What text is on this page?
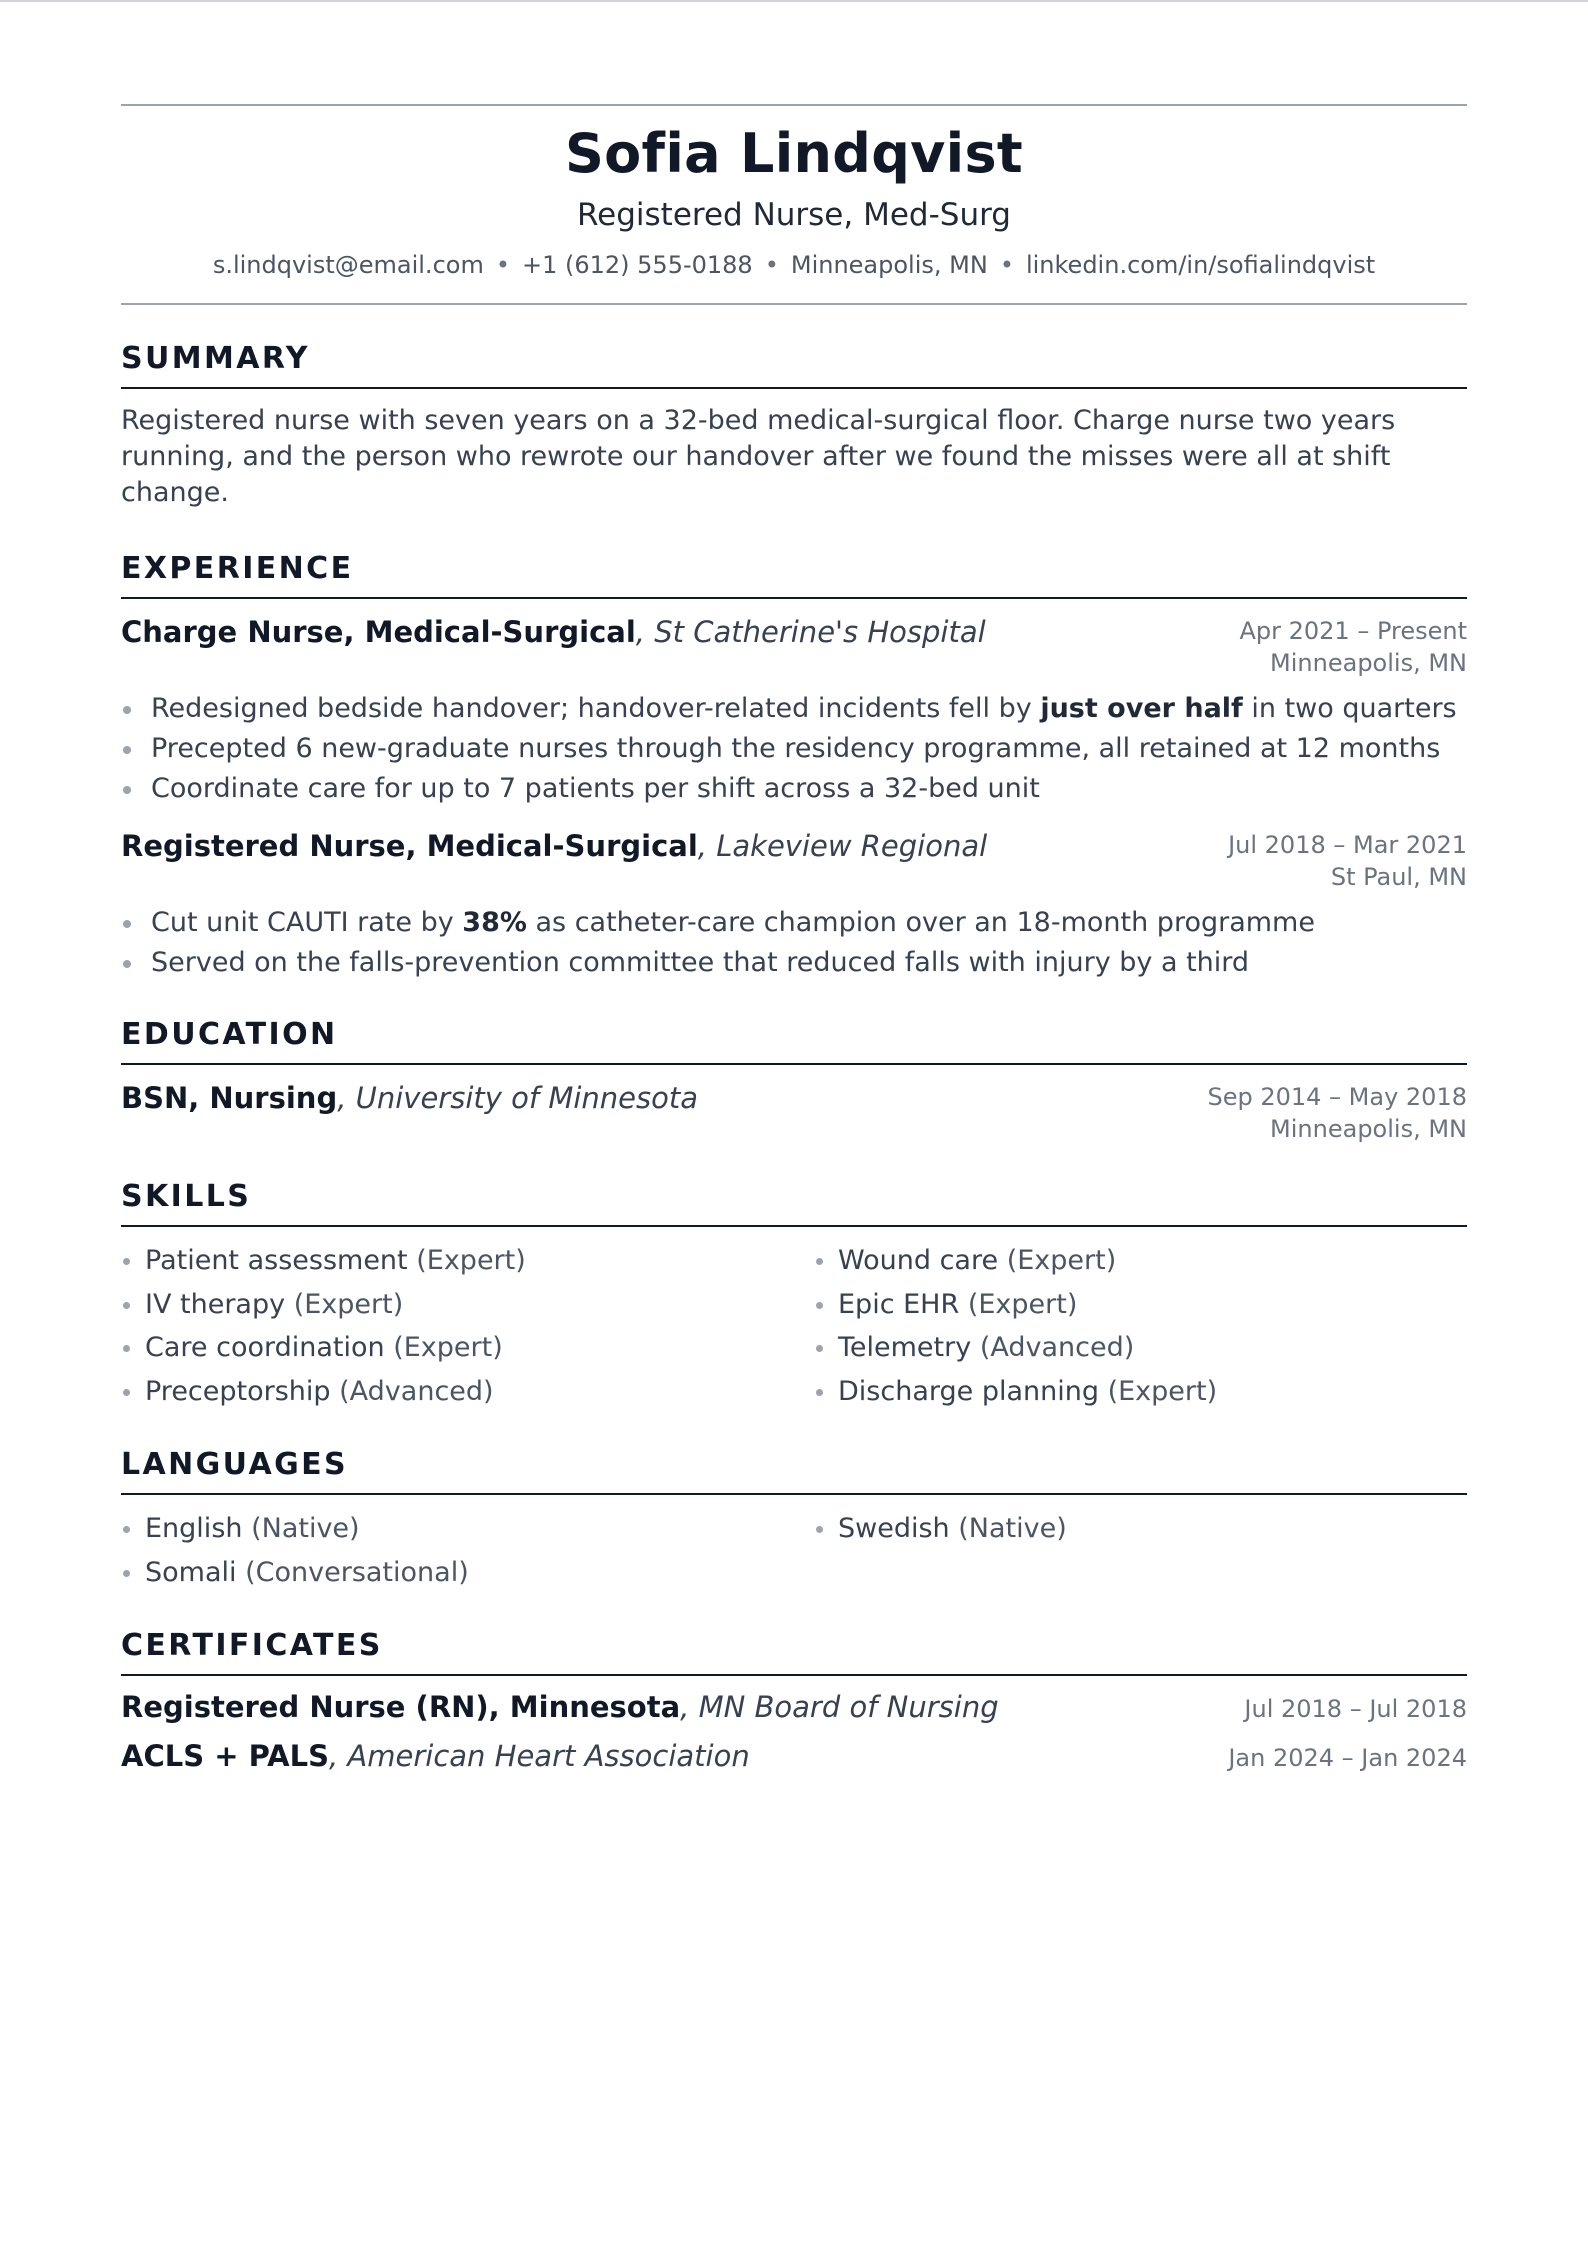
Sofia Lindqvist
Registered Nurse, Med-Surg
s.lindqvist@email.com • +1 (612) 555-0188 • Minneapolis, MN • linkedin.com/in/sofialindqvist
SUMMARY
Registered nurse with seven years on a 32-bed medical-surgical floor. Charge nurse two years running, and the person who rewrote our handover after we found the misses were all at shift change.
EXPERIENCE
Charge Nurse, Medical-Surgical, St Catherine's Hospital	Apr 2021 – Present
Minneapolis, MN
Redesigned bedside handover; handover-related incidents fell by just over half in two quarters
Precepted 6 new-graduate nurses through the residency programme, all retained at 12 months
Coordinate care for up to 7 patients per shift across a 32-bed unit
Registered Nurse, Medical-Surgical, Lakeview Regional	Jul 2018 – Mar 2021
St Paul, MN
Cut unit CAUTI rate by 38% as catheter-care champion over an 18-month programme
Served on the falls-prevention committee that reduced falls with injury by a third
EDUCATION
BSN, Nursing, University of Minnesota	Sep 2014 – May 2018
Minneapolis, MN
SKILLS
Patient assessment (Expert)
IV therapy (Expert)
Care coordination (Expert)
Preceptorship (Advanced)
Wound care (Expert)
Epic EHR (Expert)
Telemetry (Advanced)
Discharge planning (Expert)
LANGUAGES
English (Native)
Somali (Conversational)
Swedish (Native)
CERTIFICATES
Registered Nurse (RN), Minnesota, MN Board of Nursing	Jul 2018 – Jul 2018
ACLS + PALS, American Heart Association	Jan 2024 – Jan 2024
